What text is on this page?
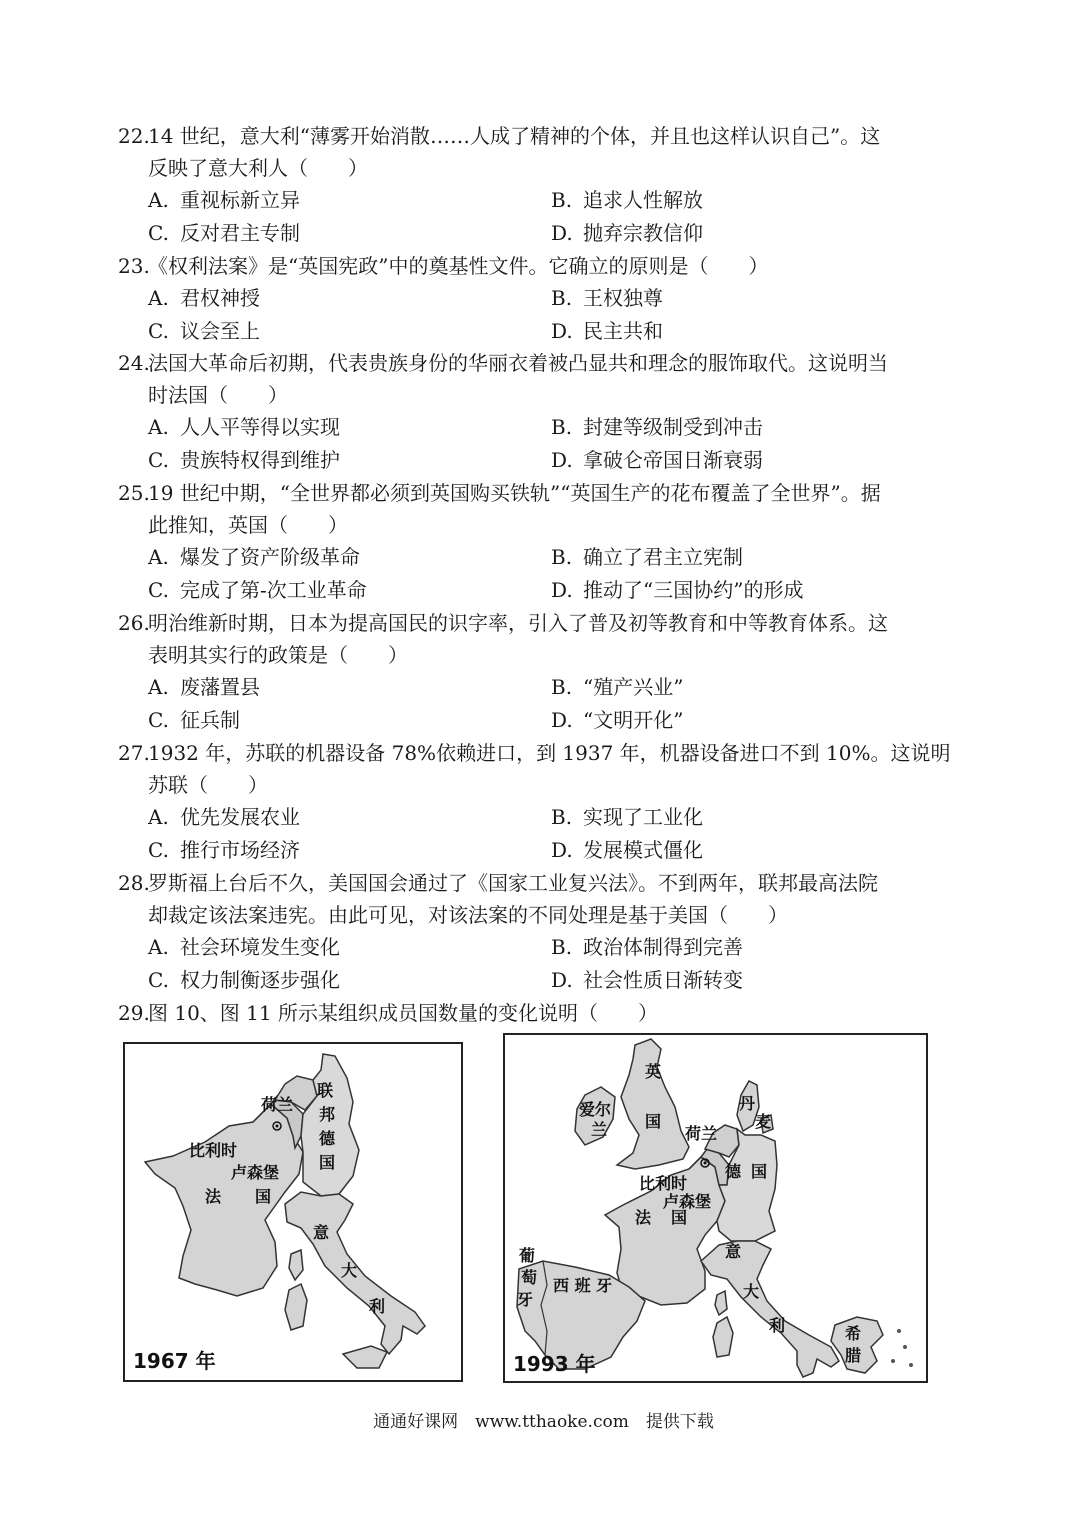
22.14 世纪，意大利“薄雾开始消散……人成了精神的个体，并且也这样认识自己”。这
反映了意大利人（　　）
A. 重视标新立异	B. 追求人性解放
C. 反对君主专制	D. 抛弃宗教信仰
23.《权利法案》是“英国宪政”中的奠基性文件。它确立的原则是（　　）
A. 君权神授	B. 王权独尊
C. 议会至上	D. 民主共和
24.法国大革命后初期，代表贵族身份的华丽衣着被凸显共和理念的服饰取代。这说明当
时法国（　　）
A. 人人平等得以实现	B. 封建等级制受到冲击
C. 贵族特权得到维护	D. 拿破仑帝国日渐衰弱
25.19 世纪中期，“全世界都必须到英国购买铁轨”“英国生产的花布覆盖了全世界”。据
此推知，英国（　　）
A. 爆发了资产阶级革命	B. 确立了君主立宪制
C. 完成了第-次工业革命	D. 推动了“三国协约”的形成
26.明治维新时期，日本为提高国民的识字率，引入了普及初等教育和中等教育体系。这
表明其实行的政策是（　　）
A. 废藩置县	B. “殖产兴业”
C. 征兵制	D. “文明开化”
27.1932 年，苏联的机器设备 78%依赖进口，到 1937 年，机器设备进口不到 10%。这说明
苏联（　　）
A. 优先发展农业	B. 实现了工业化
C. 推行市场经济	D. 发展模式僵化
28.罗斯福上台后不久，美国国会通过了《国家工业复兴法》。不到两年，联邦最高法院
却裁定该法案违宪。由此可见，对该法案的不同处理是基于美国（　　）
A. 社会环境发生变化	B. 政治体制得到完善
C. 权力制衡逐步强化	D. 社会性质日渐转变
29.图 10、图 11 所示某组织成员国数量的变化说明（　　）
荷兰
联
邦
德
国
比利时
卢森堡
法 国
意
大
利
1967 年
英
国
爱尔
兰
丹
麦
荷兰
德 国
比利时
卢森堡
法 国
葡
萄
牙
西 班 牙
意
大
利	希
腊
1993 年
通通好课网　www.tthaoke.com　提供下载
